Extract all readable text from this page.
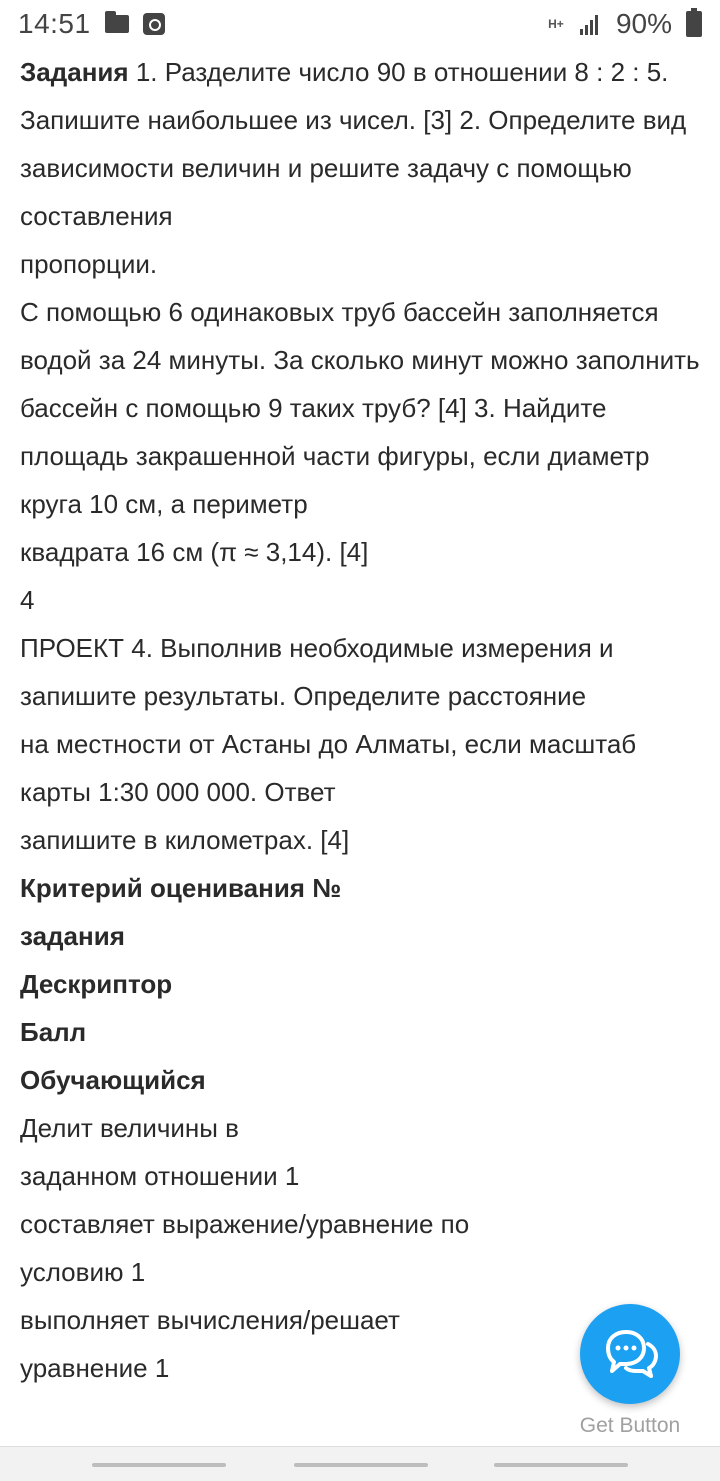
14:51	H+ 90%

Задания 1. Разделите число 90 в отношении 8 : 2 : 5. Запишите наибольшее из чисел. [3] 2. Определите вид зависимости величин и решите задачу с помощью составления

пропорции.

С помощью 6 одинаковых труб бассейн заполняется водой за 24 минуты. За сколько минут можно заполнить бассейн с помощью 9 таких труб? [4] 3. Найдите площадь закрашенной части фигуры, если диаметр круга 10 см, а периметр

квадрата 16 см (π ≈ 3,14). [4]

4

ПРОЕКТ 4. Выполнив необходимые измерения и запишите результаты. Определите расстояние

на местности от Астаны до Алматы, если масштаб карты 1:30 000 000. Ответ

запишите в километрах. [4]

Критерий оценивания №

задания

Дескриптор

Балл

Обучающийся

Делит величины в

заданном отношении 1

составляет выражение/уравнение по

условию 1

выполняет вычисления/решает

уравнение 1

Get Button
